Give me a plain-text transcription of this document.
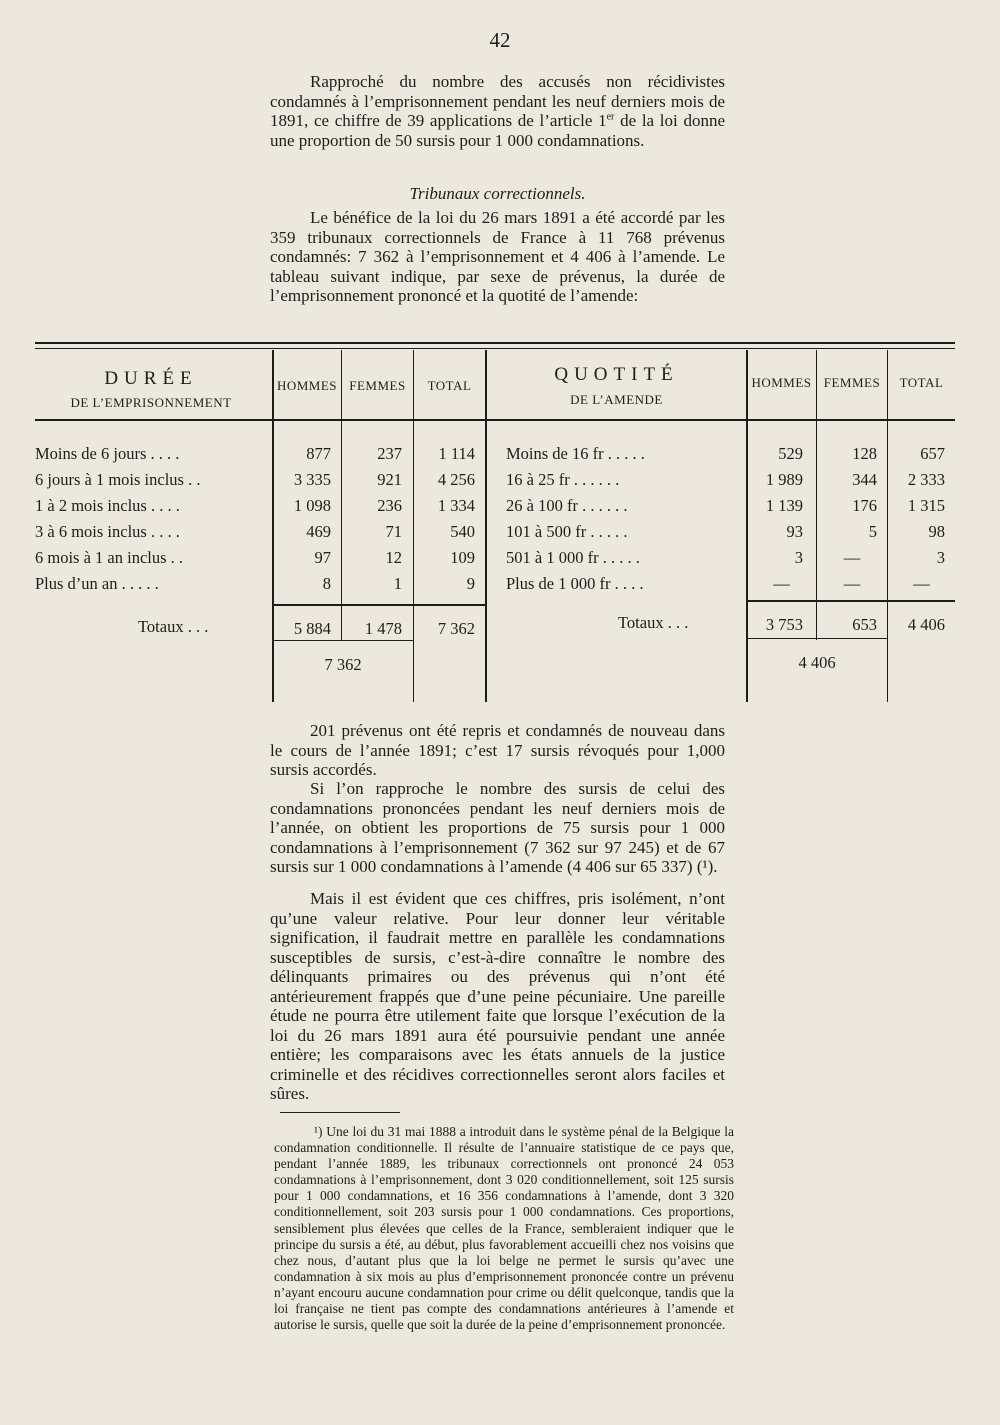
42

Rapproché du nombre des accusés non récidivistes condamnés à l’emprisonnement pendant les neuf derniers mois de 1891, ce chiffre de 39 applications de l’article 1er de la loi donne une proportion de 50 sursis pour 1 000 condamnations.

Tribunaux correctionnels.

Le bénéfice de la loi du 26 mars 1891 a été accordé par les 359 tribunaux correctionnels de France à 11 768 prévenus condamnés: 7 362 à l’emprisonnement et 4 406 à l’amende. Le tableau suivant indique, par sexe de prévenus, la durée de l’emprisonnement prononcé et la quotité de l’amende:

DURÉE
DE L’EMPRISONNEMENT
HOMMES FEMMES	TOTAL
QUOTITÉ
DE L’AMENDE
HOMMES FEMMES	TOTAL
Moins de 6 jours . . . .	877	237	1 114
6 jours à 1 mois inclus . .	3 335	921	4 256
1 à 2 mois inclus . . . .	1 098	236	1 334
3 à 6 mois inclus . . . .	469	71	540
6 mois à 1 an inclus . .	97	12	109
Plus d’un an . . . . .	8	1	9
Moins de 16 fr . . . . .	529	128	657
16 à 25 fr . . . . . .	1 989	344	2 333
26 à 100 fr . . . . . .	1 139	176	1 315
101 à 500 fr . . . . .	93	5	98
501 à 1 000 fr . . . . .	3	—	3
Plus de 1 000 fr . . . .	—	—	—
Totaux . . .	5 884	1 478	7 362
7 362
Totaux . . .	3 753	653	4 406
4 406

201 prévenus ont été repris et condamnés de nouveau dans le cours de l’année 1891; c’est 17 sursis révoqués pour 1,000 sursis accordés.

Si l’on rapproche le nombre des sursis de celui des condamnations prononcées pendant les neuf derniers mois de l’année, on obtient les proportions de 75 sursis pour 1 000 condamnations à l’emprisonnement (7 362 sur 97 245) et de 67 sursis sur 1 000 condamnations à l’amende (4 406 sur 65 337) (¹).

Mais il est évident que ces chiffres, pris isolément, n’ont qu’une valeur relative. Pour leur donner leur véritable signification, il faudrait mettre en parallèle les condamnations susceptibles de sursis, c’est-à-dire connaître le nombre des délinquants primaires ou des prévenus qui n’ont été antérieurement frappés que d’une peine pécuniaire. Une pareille étude ne pourra être utilement faite que lorsque l’exécution de la loi du 26 mars 1891 aura été poursuivie pendant une année entière; les comparaisons avec les états annuels de la justice criminelle et des récidives correctionnelles seront alors faciles et sûres.

¹) Une loi du 31 mai 1888 a introduit dans le système pénal de la Belgique la condamnation conditionnelle. Il résulte de l’annuaire statistique de ce pays que, pendant l’année 1889, les tribunaux correctionnels ont prononcé 24 053 condamnations à l’emprisonnement, dont 3 020 conditionnellement, soit 125 sursis pour 1 000 condamnations, et 16 356 condamnations à l’amende, dont 3 320 conditionnellement, soit 203 sursis pour 1 000 condamnations. Ces proportions, sensiblement plus élevées que celles de la France, sembleraient indiquer que le principe du sursis a été, au début, plus favorablement accueilli chez nos voisins que chez nous, d’autant plus que la loi belge ne permet le sursis qu’avec une condamnation à six mois au plus d’emprisonnement prononcée contre un prévenu n’ayant encouru aucune condamnation pour crime ou délit quelconque, tandis que la loi française ne tient pas compte des condamnations antérieures à l’amende et autorise le sursis, quelle que soit la durée de la peine d’emprisonnement prononcée.
